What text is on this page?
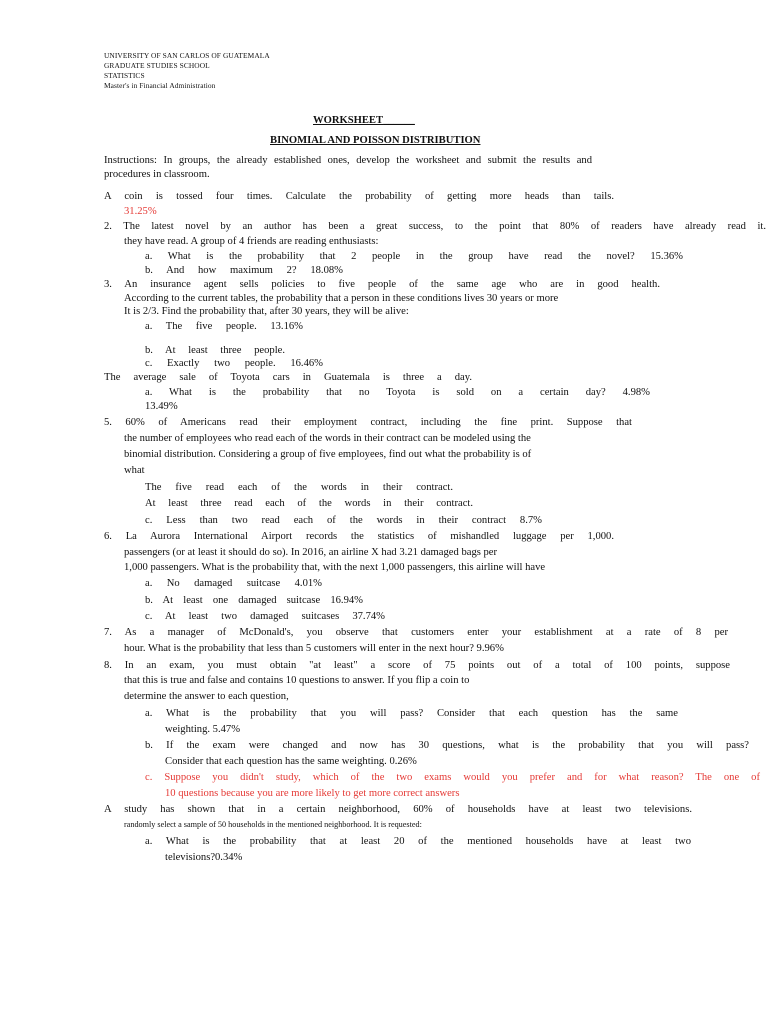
UNIVERSITY OF SAN CARLOS OF GUATEMALA
GRADUATE STUDIES SCHOOL
STATISTICS
Master's in Financial Administration
WORKSHEET______
BINOMIAL AND POISSON DISTRIBUTION
Instructions: In groups, the already established ones, develop the worksheet and submit the results and
procedures in classroom.
A coin is tossed four times. Calculate the probability of getting more heads than tails.
31.25%
2. The latest novel by an author has been a great success, to the point that 80% of readers have already read it.
they have read. A group of 4 friends are reading enthusiasts:
a. What is the probability that 2 people in the group have read the novel? 15.36%
b. And how maximum 2? 18.08%
3. An insurance agent sells policies to five people of the same age who are in good health.
According to the current tables, the probability that a person in these conditions lives 30 years or more
It is 2/3. Find the probability that, after 30 years, they will be alive:
a. The five people. 13.16%
b. At least three people.
c. Exactly two people. 16.46%
The average sale of Toyota cars in Guatemala is three a day.
a. What is the probability that no Toyota is sold on a certain day? 4.98%
13.49%
5. 60% of Americans read their employment contract, including the fine print. Suppose that
the number of employees who read each of the words in their contract can be modeled using the
binomial distribution. Considering a group of five employees, find out what the probability is of
what
The five read each of the words in their contract.
At least three read each of the words in their contract.
c. Less than two read each of the words in their contract 8.7%
6. La Aurora International Airport records the statistics of mishandled luggage per 1,000.
passengers (or at least it should do so). In 2016, an airline X had 3.21 damaged bags per
1,000 passengers. What is the probability that, with the next 1,000 passengers, this airline will have
a. No damaged suitcase 4.01%
b. At least one damaged suitcase 16.94%
c. At least two damaged suitcases 37.74%
7. As a manager of McDonald's, you observe that customers enter your establishment at a rate of 8 per
hour. What is the probability that less than 5 customers will enter in the next hour? 9.96%
8. In an exam, you must obtain "at least" a score of 75 points out of a total of 100 points, suppose
that this is true and false and contains 10 questions to answer. If you flip a coin to
determine the answer to each question,
a. What is the probability that you will pass? Consider that each question has the same
weighting. 5.47%
b. If the exam were changed and now has 30 questions, what is the probability that you will pass?
Consider that each question has the same weighting. 0.26%
c. Suppose you didn't study, which of the two exams would you prefer and for what reason? The one of
10 questions because you are more likely to get more correct answers
A study has shown that in a certain neighborhood, 60% of households have at least two televisions.
randomly select a sample of 50 households in the mentioned neighborhood. It is requested:
a. What is the probability that at least 20 of the mentioned households have at least two
televisions?0.34%
